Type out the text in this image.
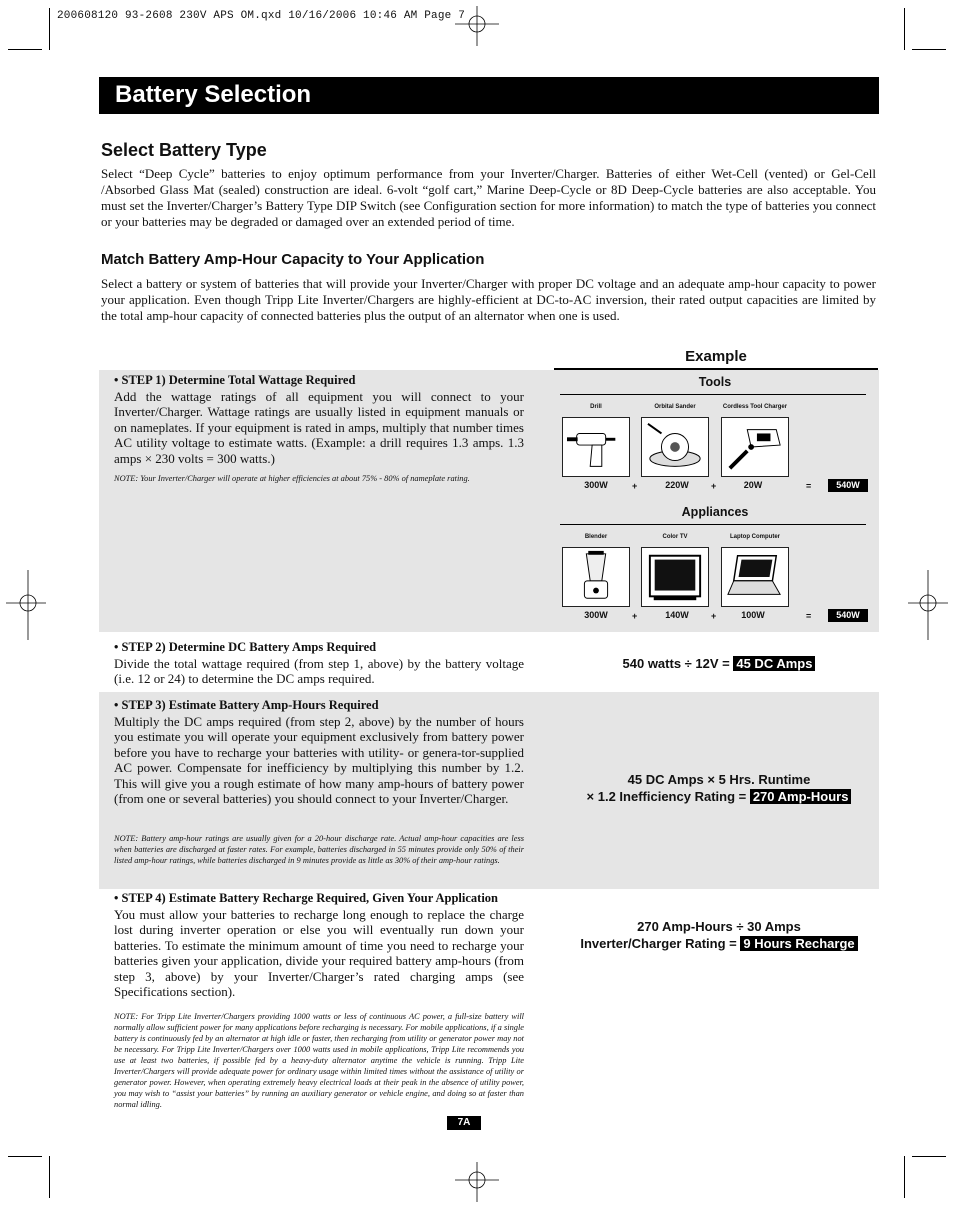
200608120 93-2608 230V APS OM.qxd 10/16/2006 10:46 AM Page 7
Battery Selection
Select Battery Type

Select “Deep Cycle” batteries to enjoy optimum performance from your Inverter/Charger. Batteries of either Wet-Cell (vented) or Gel-Cell /Absorbed Glass Mat (sealed) construction are ideal. 6-volt “golf cart,” Marine Deep-Cycle or 8D Deep-Cycle batteries are also acceptable. You must set the Inverter/Charger’s Battery Type DIP Switch (see Configuration section for more information) to match the type of batteries you connect or your batteries may be degraded or damaged over an extended period of time.

Match Battery Amp-Hour Capacity to Your Application

Select a battery or system of batteries that will provide your Inverter/Charger with proper DC voltage and an adequate amp-hour capacity to power your application. Even though Tripp Lite Inverter/Chargers are highly-efficient at DC-to-AC inversion, their rated output capacities are limited by the total amp-hour capacity of connected batteries plus the output of an alternator when one is used.

Example
• STEP 1) Determine Total Wattage Required

Add the wattage ratings of all equipment you will connect to your Inverter/Charger. Wattage ratings are usually listed in equipment manuals or on nameplates. If your equipment is rated in amps, multiply that number times AC utility voltage to estimate watts. (Example: a drill requires 1.3 amps. 1.3 amps × 230 volts = 300 watts.)

NOTE: Your Inverter/Charger will operate at higher efficiencies at about 75% - 80% of nameplate rating.

Tools
Drill	Orbital Sander	Cordless Tool Charger
300W	+	220W	+	20W	=	540W
Appliances
Blender	Color TV	Laptop Computer
300W	+	140W	+	100W	=	540W
• STEP 2) Determine DC Battery Amps Required

Divide the total wattage required (from step 1, above) by the battery voltage (i.e. 12 or 24) to determine the DC amps required.

540 watts ÷ 12V = 45 DC Amps
• STEP 3) Estimate Battery Amp-Hours Required

Multiply the DC amps required (from step 2, above) by the number of hours you estimate you will operate your equipment exclusively from battery power before you have to recharge your batteries with utility- or genera-tor-supplied AC power. Compensate for inefficiency by multiplying this number by 1.2. This will give you a rough estimate of how many amp-hours of battery power (from one or several batteries) you should connect to your Inverter/Charger.

NOTE: Battery amp-hour ratings are usually given for a 20-hour discharge rate. Actual amp-hour capacities are less when batteries are discharged at faster rates. For example, batteries discharged in 55 minutes provide only 50% of their listed amp-hour ratings, while batteries discharged in 9 minutes provide as little as 30% of their amp-hour ratings.

45 DC Amps × 5 Hrs. Runtime
× 1.2 Inefficiency Rating = 270 Amp-Hours
• STEP 4) Estimate Battery Recharge Required, Given Your Application

You must allow your batteries to recharge long enough to replace the charge lost during inverter operation or else you will eventually run down your batteries. To estimate the minimum amount of time you need to recharge your batteries given your application, divide your required battery amp-hours (from step 3, above) by your Inverter/Charger’s rated charging amps (see Specifications section).

NOTE: For Tripp Lite Inverter/Chargers providing 1000 watts or less of continuous AC power, a full-size battery will normally allow sufficient power for many applications before recharging is necessary. For mobile applications, if a single battery is continuously fed by an alternator at high idle or faster, then recharging from utility or generator power may not be necessary. For Tripp Lite Inverter/Chargers over 1000 watts used in mobile applications, Tripp Lite recommends you use at least two batteries, if possible fed by a heavy-duty alternator anytime the vehicle is running. Tripp Lite Inverter/Chargers will provide adequate power for ordinary usage within limited times without the assistance of utility or generator power. However, when operating extremely heavy electrical loads at their peak in the absence of utility power, you may wish to “assist your batteries” by running an auxiliary generator or vehicle engine, and doing so at faster than normal idling.

270 Amp-Hours ÷ 30 Amps
Inverter/Charger Rating = 9 Hours Recharge
7A
